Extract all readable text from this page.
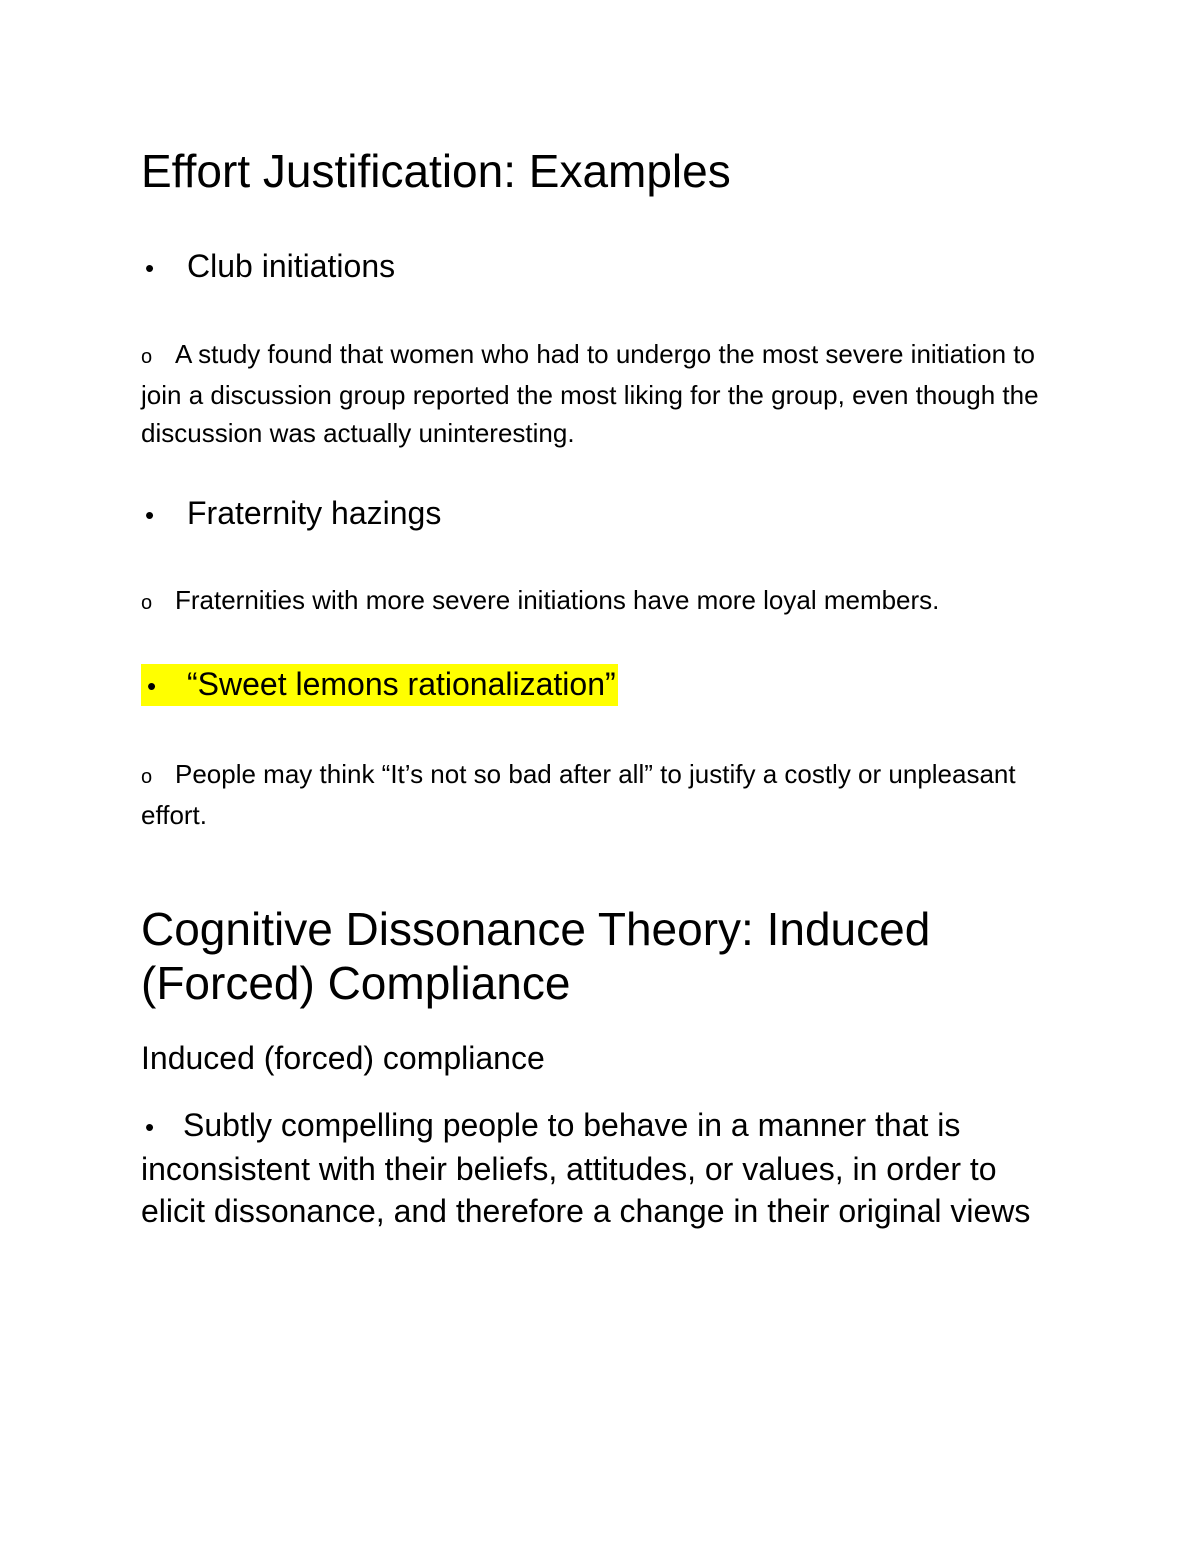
Effort Justification: Examples
• Club initiations
o A study found that women who had to undergo the most severe initiation to join a discussion group reported the most liking for the group, even though the discussion was actually uninteresting.
• Fraternity hazings
o Fraternities with more severe initiations have more loyal members.
• “Sweet lemons rationalization”
o People may think “It’s not so bad after all” to justify a costly or unpleasant effort.
Cognitive Dissonance Theory: Induced
(Forced) Compliance
Induced (forced) compliance
• Subtly compelling people to behave in a manner that is inconsistent with their beliefs, attitudes, or values, in order to elicit dissonance, and therefore a change in their original views
